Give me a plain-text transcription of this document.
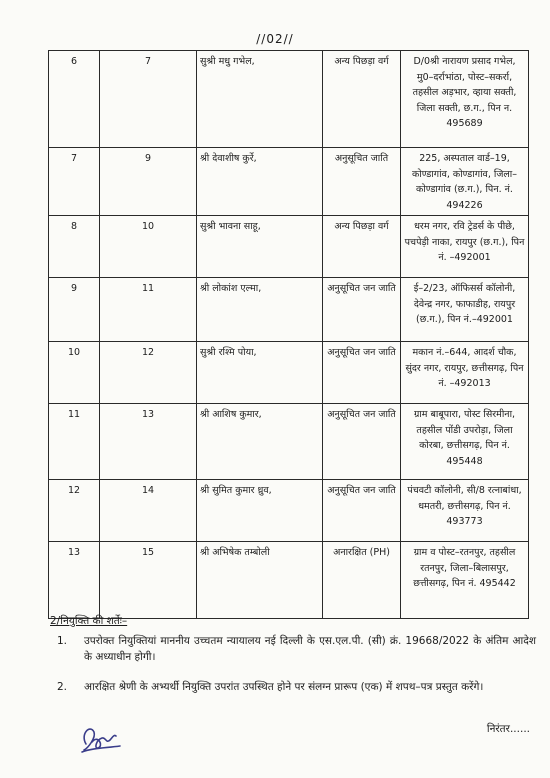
//02//
6	7	सुश्री मधु गभेल,	अन्य पिछड़ा वर्ग	D/0श्री नारायण प्रसाद गभेल, मु0–दर्राभांठा, पोस्ट–सकर्रा, तहसील अड़भार, व्हाया सक्ती, जिला सक्ती, छ.ग., पिन न. 495689
7	9	श्री देवाशीष कुर्रे,	अनुसूचित जाति	225, अस्पताल वार्ड–19, कोण्डागांव, कोण्डागांव, जिला–कोण्डागांव (छ.ग.), पिन. नं. 494226
8	10	सुश्री भावना साहू,	अन्य पिछड़ा वर्ग	धरम नगर, रवि ट्रेडर्स के पीछे, पचपेड़ी नाका, रायपुर (छ.ग.), पिन नं. –492001
9	11	श्री लोकांश एल्मा,	अनुसूचित जन जाति	ई–2/23, ऑफिसर्स कॉलोनी, देवेन्द्र नगर, फाफाडीह, रायपुर (छ.ग.), पिन नं.–492001
10	12	सुश्री रश्मि पोया,	अनुसूचित जन जाति	मकान नं.–644, आदर्श चौक, सुंदर नगर, रायपुर, छत्तीसगढ़, पिन नं. –492013
11	13	श्री आशिष कुमार,	अनुसूचित जन जाति	ग्राम बाबूपारा, पोस्ट सिरमीना, तहसील पोंडी उपरोड़ा, जिला कोरबा, छत्तीसगढ़, पिन नं. 495448
12	14	श्री सुमित कुमार ध्रुव,	अनुसूचित जन जाति	पंचवटी कॉलोनी, सी/8 रत्नाबांधा, धमतरी, छत्तीसगढ़, पिन नं. 493773
13	15	श्री अभिषेक तम्बोली	अनारक्षित (PH)	ग्राम व पोस्ट–रतनपुर, तहसील रतनपुर, जिला–बिलासपुर, छत्तीसगढ़, पिन नं. 495442
2/नियुक्ति की शर्तेः–
1. उपरोक्त नियुक्तियां माननीय उच्चतम न्यायालय नई दिल्ली के एस.एल.पी. (सी) क्रं. 19668/2022 के अंतिम आदेश के अध्याधीन होगी।
2. आरक्षित श्रेणी के अभ्यर्थी नियुक्ति उपरांत उपस्थित होने पर संलग्न प्रारूप (एक) में शपथ–पत्र प्रस्तुत करेंगे।
निरंतर......
